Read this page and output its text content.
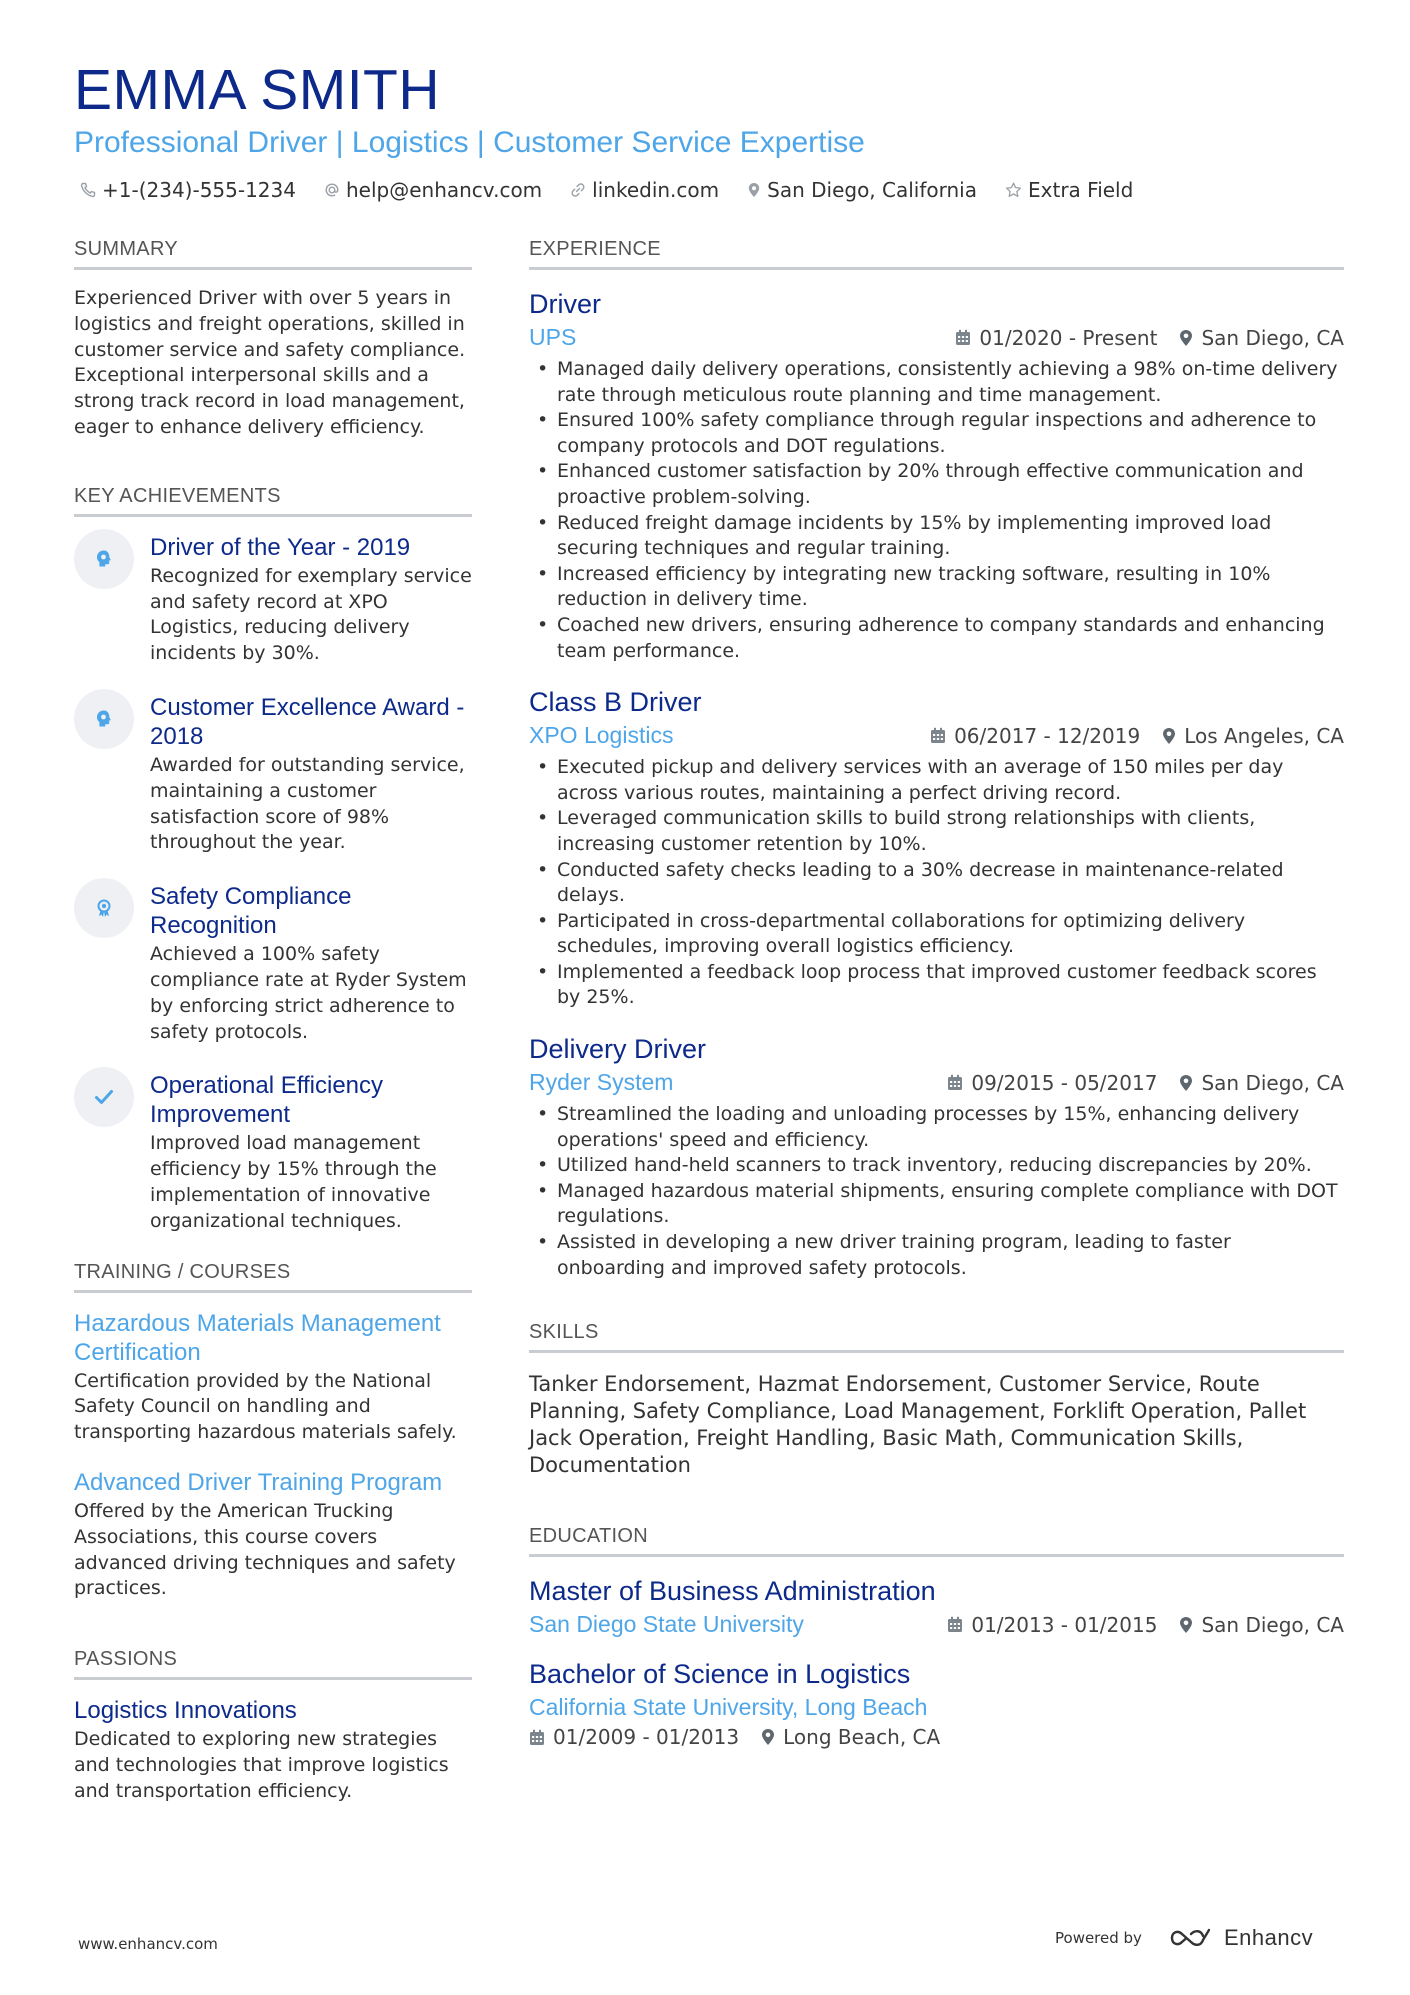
EMMA SMITH
Professional Driver | Logistics | Customer Service Expertise
+1-(234)-555-1234	help@enhancv.com	linkedin.com San Diego, California	Extra Field
SUMMARY
Experienced Driver with over 5 years in logistics and freight operations, skilled in customer service and safety compliance. Exceptional interpersonal skills and a strong track record in load management, eager to enhance delivery efficiency.
KEY ACHIEVEMENTS
Driver of the Year - 2019
Recognized for exemplary service and safety record at XPO Logistics, reducing delivery incidents by 30%.
Customer Excellence Award - 2018
Awarded for outstanding service, maintaining a customer satisfaction score of 98% throughout the year.
Safety Compliance Recognition
Achieved a 100% safety compliance rate at Ryder System by enforcing strict adherence to safety protocols.
Operational Efficiency Improvement
Improved load management efficiency by 15% through the implementation of innovative organizational techniques.
TRAINING / COURSES
Hazardous Materials Management Certification
Certification provided by the National Safety Council on handling and transporting hazardous materials safely.
Advanced Driver Training Program
Offered by the American Trucking Associations, this course covers advanced driving techniques and safety practices.
PASSIONS
Logistics Innovations
Dedicated to exploring new strategies and technologies that improve logistics and transportation efficiency.
EXPERIENCE
Driver
UPS	01/2020 - Present San Diego, CA
• Managed daily delivery operations, consistently achieving a 98% on-time delivery rate through meticulous route planning and time management.
• Ensured 100% safety compliance through regular inspections and adherence to company protocols and DOT regulations.
• Enhanced customer satisfaction by 20% through effective communication and proactive problem-solving.
• Reduced freight damage incidents by 15% by implementing improved load securing techniques and regular training.
• Increased efficiency by integrating new tracking software, resulting in 10% reduction in delivery time.
• Coached new drivers, ensuring adherence to company standards and enhancing team performance.
Class B Driver
XPO Logistics	06/2017 - 12/2019 Los Angeles, CA
• Executed pickup and delivery services with an average of 150 miles per day across various routes, maintaining a perfect driving record.
• Leveraged communication skills to build strong relationships with clients, increasing customer retention by 10%.
• Conducted safety checks leading to a 30% decrease in maintenance-related delays.
• Participated in cross-departmental collaborations for optimizing delivery schedules, improving overall logistics efficiency.
• Implemented a feedback loop process that improved customer feedback scores by 25%.
Delivery Driver
Ryder System	09/2015 - 05/2017 San Diego, CA
• Streamlined the loading and unloading processes by 15%, enhancing delivery operations' speed and efficiency.
• Utilized hand-held scanners to track inventory, reducing discrepancies by 20%.
• Managed hazardous material shipments, ensuring complete compliance with DOT regulations.
• Assisted in developing a new driver training program, leading to faster onboarding and improved safety protocols.
SKILLS
Tanker Endorsement, Hazmat Endorsement, Customer Service, Route Planning, Safety Compliance, Load Management, Forklift Operation, Pallet Jack Operation, Freight Handling, Basic Math, Communication Skills, Documentation
EDUCATION
Master of Business Administration
San Diego State University	01/2013 - 01/2015 San Diego, CA
Bachelor of Science in Logistics
California State University, Long Beach
01/2009 - 01/2013 Long Beach, CA
www.enhancv.com	Powered by	Enhancv
